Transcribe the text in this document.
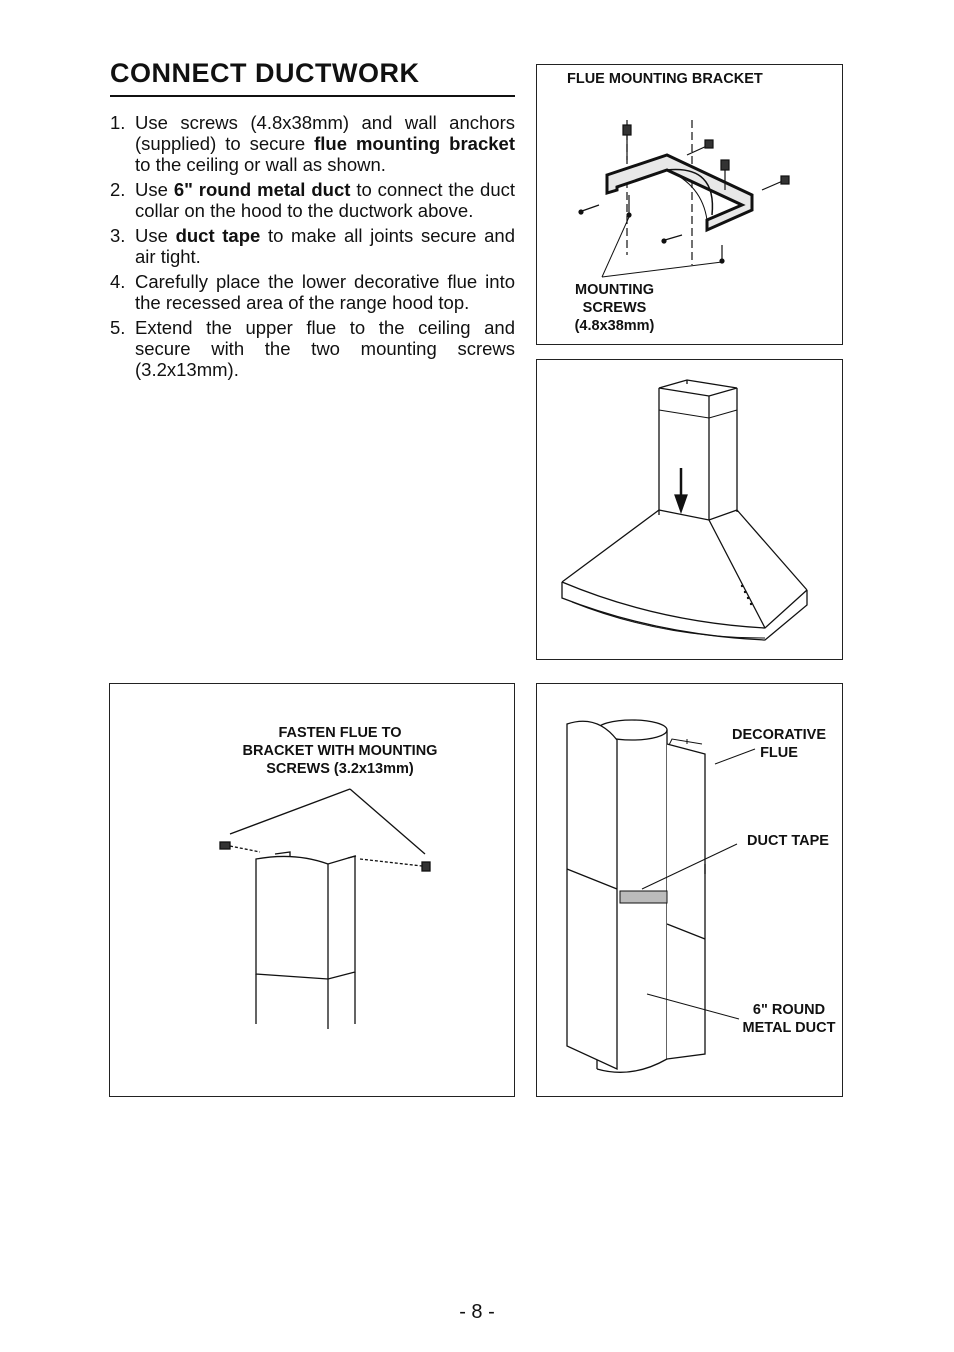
CONNECT DUCTWORK
1. Use screws (4.8x38mm) and wall anchors (supplied) to secure flue mounting bracket to the ceiling or wall as shown.
2. Use 6" round metal duct to connect the duct collar on the hood to the ductwork above.
3. Use duct tape to make all joints secure and air tight.
4. Carefully place the lower decorative flue into the recessed area of the range hood top.
5. Extend the upper flue to the ceiling and secure with the two mounting screws (3.2x13mm).
FLUE MOUNTING BRACKET
MOUNTING
SCREWS
(4.8x38mm)
FASTEN FLUE TO
BRACKET WITH MOUNTING
SCREWS (3.2x13mm)
DECORATIVE
FLUE
DUCT TAPE
6" ROUND
METAL DUCT
- 8 -
